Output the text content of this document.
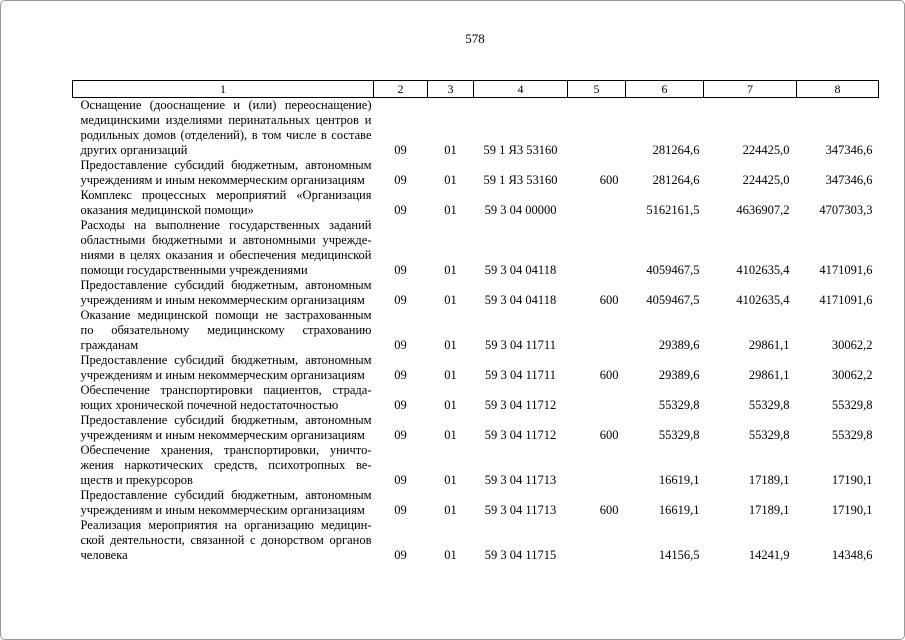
578
1	2	3	4	5	6	7	8

Оснащение (дооснащение и (или) переоснащение)
медицинскими изделиями перинатальных центров и
родильных домов (отделений), в том числе в составе
других организаций	09	01	59 1 Я3 53160		281264,6	224425,0	347346,6

Предоставление субсидий бюджетным, автономным
учреждениям и иным некоммерческим организациям	09	01	59 1 Я3 53160	600	281264,6	224425,0	347346,6

Комплекс процессных мероприятий «Организация
оказания медицинской помощи»	09	01	59 3 04 00000		5162161,5	4636907,2	4707303,3

Расходы на выполнение государственных заданий
областными бюджетными и автономными учрежде-
ниями в целях оказания и обеспечения медицинской
помощи государственными учреждениями	09	01	59 3 04 04118		4059467,5	4102635,4	4171091,6

Предоставление субсидий бюджетным, автономным
учреждениям и иным некоммерческим организациям	09	01	59 3 04 04118	600	4059467,5	4102635,4	4171091,6

Оказание медицинской помощи не застрахованным
по обязательному медицинскому страхованию
гражданам	09	01	59 3 04 11711		29389,6	29861,1	30062,2

Предоставление субсидий бюджетным, автономным
учреждениям и иным некоммерческим организациям	09	01	59 3 04 11711	600	29389,6	29861,1	30062,2

Обеспечение транспортировки пациентов, страда-
ющих хронической почечной недостаточностью	09	01	59 3 04 11712		55329,8	55329,8	55329,8

Предоставление субсидий бюджетным, автономным
учреждениям и иным некоммерческим организациям	09	01	59 3 04 11712	600	55329,8	55329,8	55329,8

Обеспечение хранения, транспортировки, уничто-
жения наркотических средств, психотропных ве-
ществ и прекурсоров	09	01	59 3 04 11713		16619,1	17189,1	17190,1

Предоставление субсидий бюджетным, автономным
учреждениям и иным некоммерческим организациям	09	01	59 3 04 11713	600	16619,1	17189,1	17190,1

Реализация мероприятия на организацию медицин-
ской деятельности, связанной с донорством органов
человека	09	01	59 3 04 11715		14156,5	14241,9	14348,6
